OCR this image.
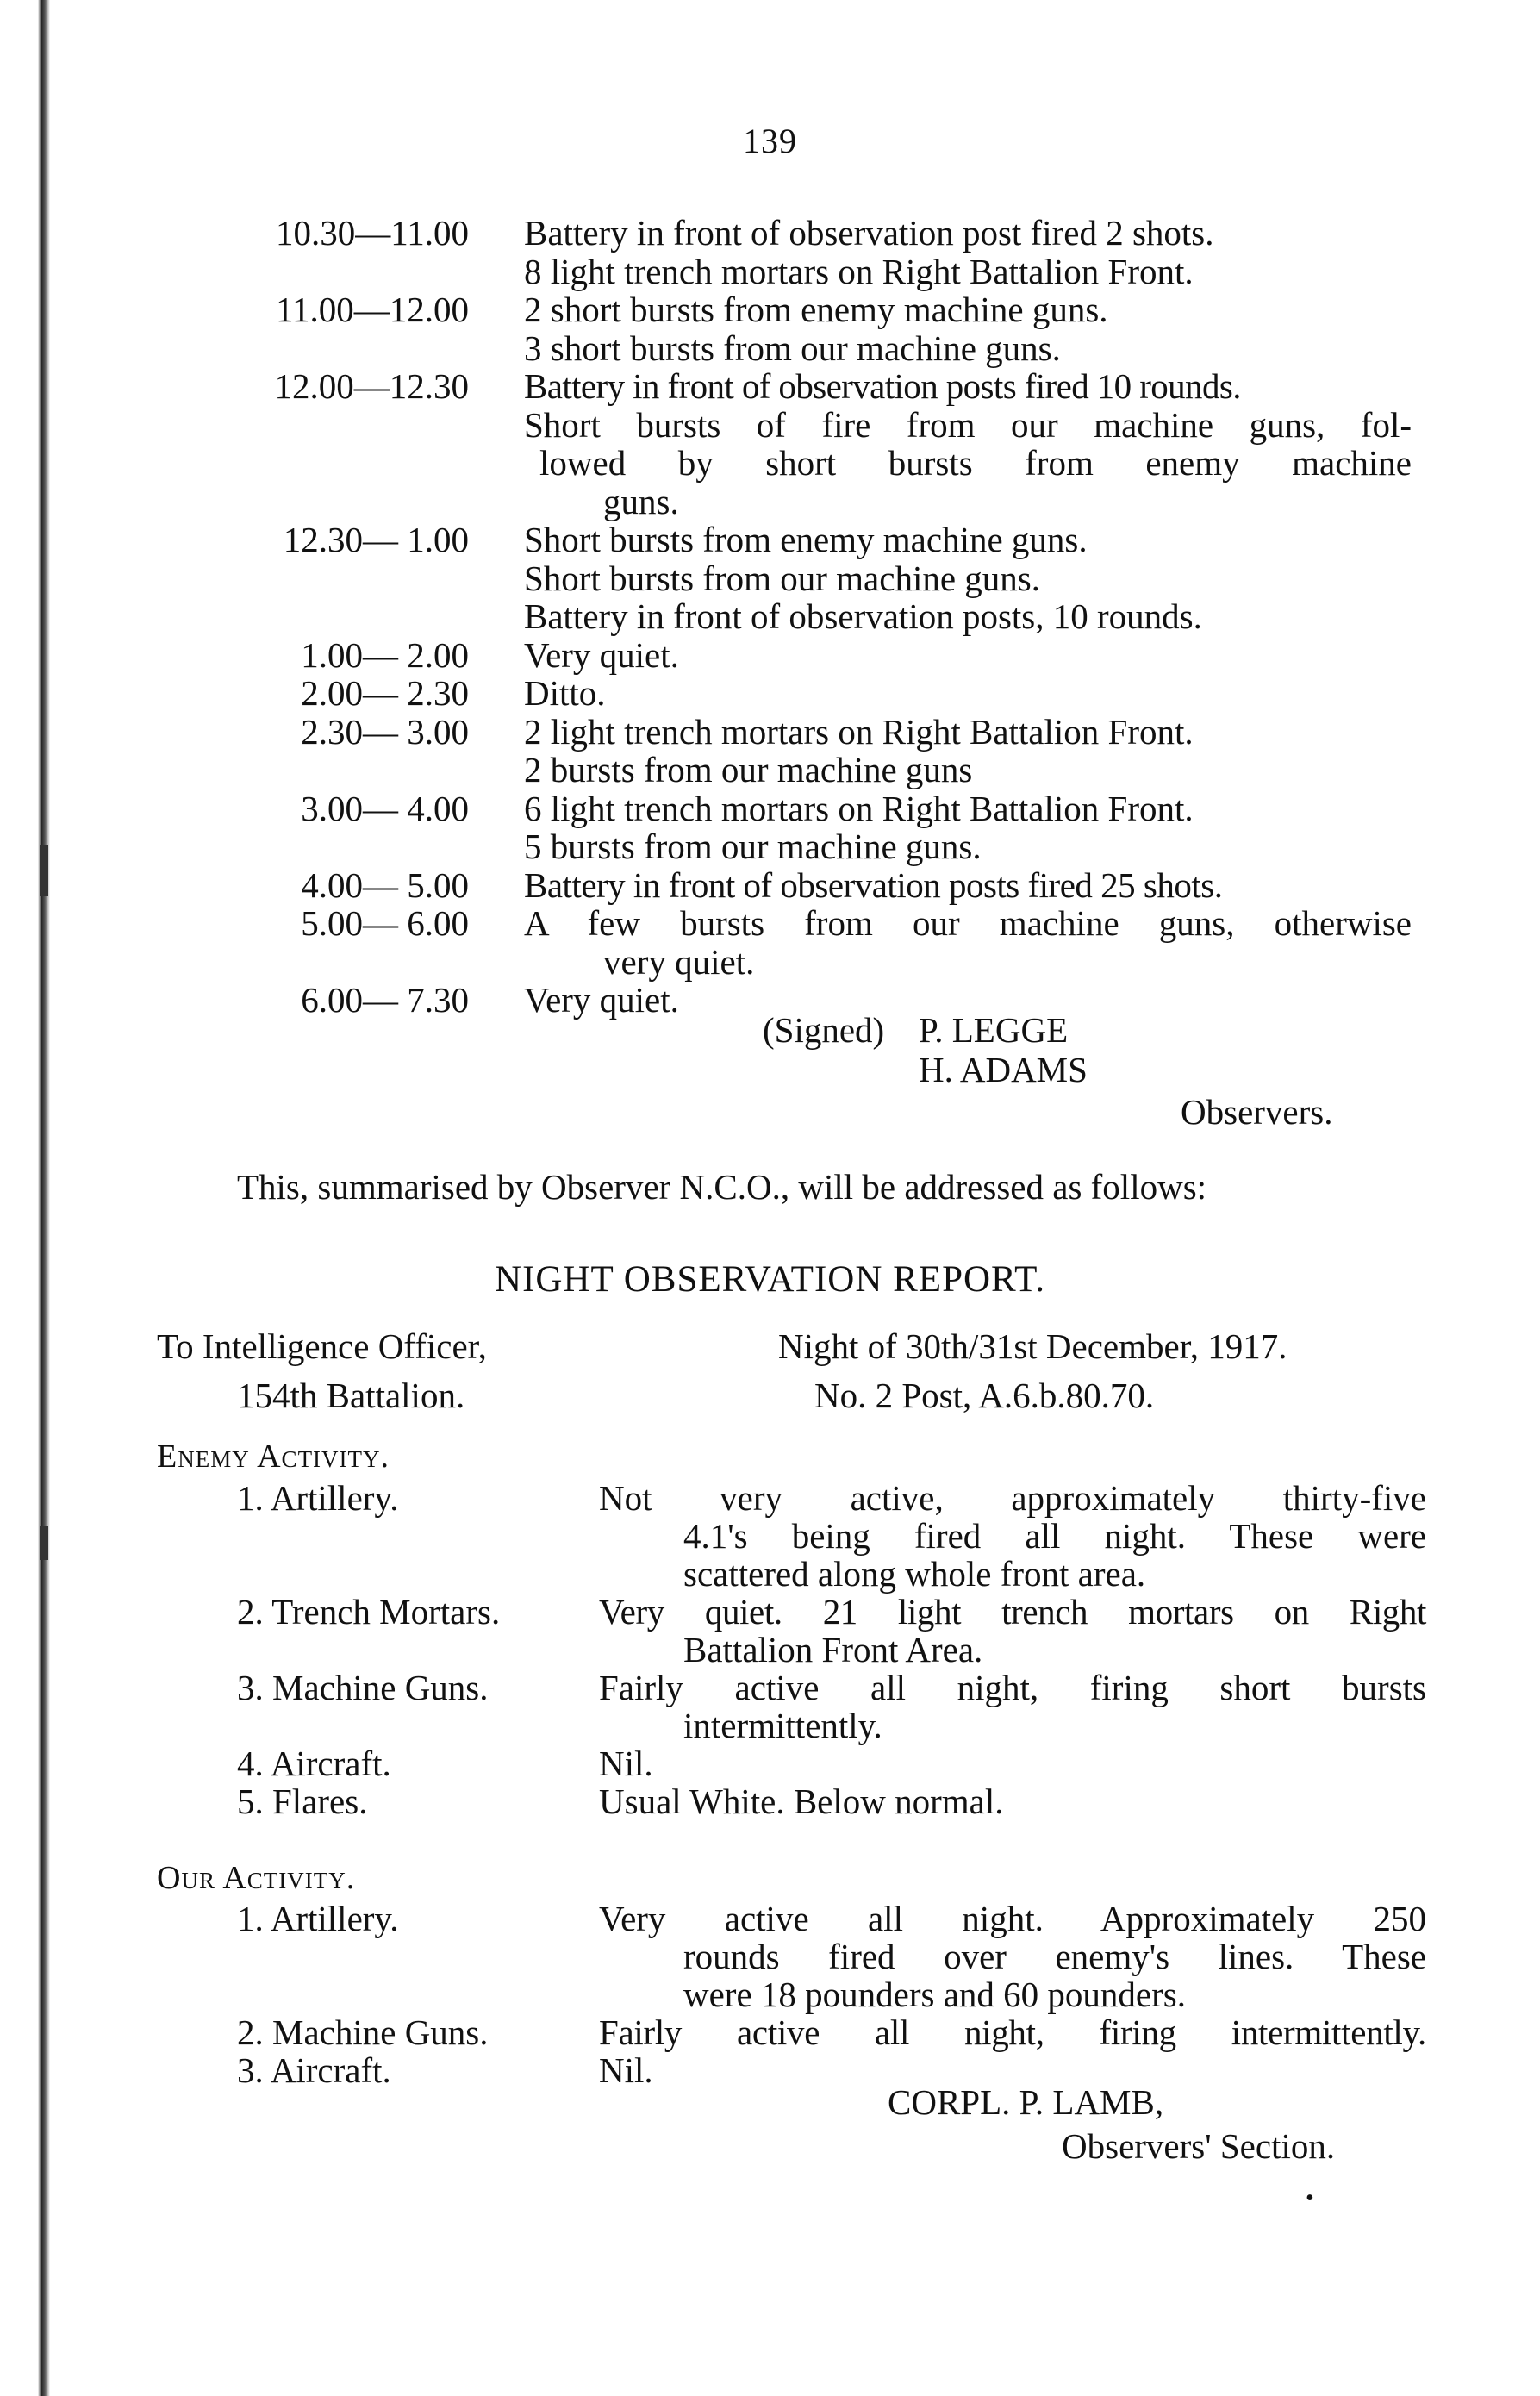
139
10.30—11.00 Battery in front of observation post fired 2 shots.
8 light trench mortars on Right Battalion Front.
11.00—12.00 2 short bursts from enemy machine guns.
3 short bursts from our machine guns.
12.00—12.30 Battery in front of observation posts fired 10 rounds.
Short bursts of fire from our machine guns, fol-
lowed by short bursts from enemy machine
guns.
12.30— 1.00 Short bursts from enemy machine guns.
Short bursts from our machine guns.
Battery in front of observation posts, 10 rounds.
1.00— 2.00 Very quiet.
2.00— 2.30 Ditto.
2.30— 3.00 2 light trench mortars on Right Battalion Front.
2 bursts from our machine guns
3.00— 4.00 6 light trench mortars on Right Battalion Front.
5 bursts from our machine guns.
4.00— 5.00 Battery in front of observation posts fired 25 shots.
5.00— 6.00 A few bursts from our machine guns, otherwise
very quiet.
6.00— 7.30 Very quiet.
(Signed) P. LEGGE
H. ADAMS
Observers.
This, summarised by Observer N.C.O., will be addressed as follows:
NIGHT OBSERVATION REPORT.
To Intelligence Officer,
154th Battalion.
Night of 30th/31st December, 1917.
No. 2 Post, A.6.b.80.70.
Enemy Activity.
1. Artillery.	Not very active, approximately thirty-five
4.1's being fired all night. These were
scattered along whole front area.
2. Trench Mortars.	Very quiet. 21 light trench mortars on Right
Battalion Front Area.
3. Machine Guns.	Fairly active all night, firing short bursts
intermittently.
4. Aircraft.	Nil.
5. Flares.	Usual White. Below normal.
Our Activity.
1. Artillery.	Very active all night. Approximately 250
rounds fired over enemy's lines. These
were 18 pounders and 60 pounders.
2. Machine Guns.	Fairly active all night, firing intermittently.
3. Aircraft.	Nil.
CORPL. P. LAMB,
Observers' Section.
•
